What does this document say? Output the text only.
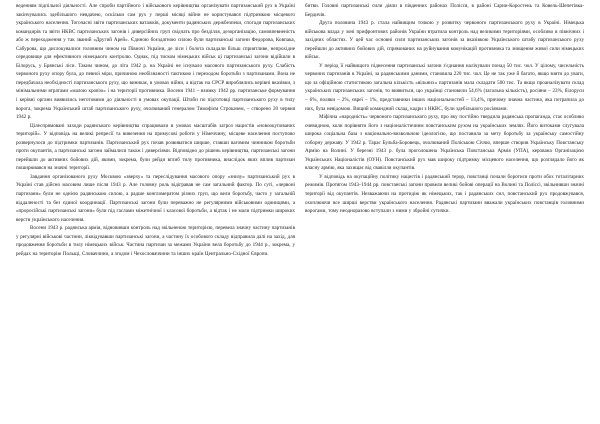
веденням підпільної діяльності. Але спроби партійного і військового керівництва організувати партизанський рух в Україні закінчувались здебільшого невдачею, оскільки сам рух у перші місяці війни не користувався підтримкою місцевого українського населення. Тогочасні звіти партизанських ватажків, документи радянських держбезпеки, спогади партизанських командирів та звіти НКВС партизанських загонів і диверсійних груп свідчать про безділля, дезорганізацію, самовпевненість або ж переходження у так званий «Другий Арей». Єдиною боєздатною силою були партизанські загони Федорова, Ковпака, Сабурова, що дислокувалися головним чином на Півночі України, де ліси і болота складали більш сприятливе, непрохідне середовище для ефективного німецького контролю. Однак, під тиском німецьких військ ці партизанські загони відійшли в Білорусь, у Брянські ліси. Таким чином, до літа 1942 р. на Україні не існувало масового партизанського руху. Слабість червоного руху опору була, до певної міри, причиною необізнаності тактикою і переходом боротьби з партизанами. Вона не передбачала необхідності партизанського руху, що виникає, в умовах війни, а відтак на СРСР вироблялись керівні вказівки, з мінімальними втратами «малою кров'ю» і на території противника. Восени 1941 – взимку 1942 рр. партизанське формування і керівні органи виявились неготовими до діяльності в умовах окупації. Штаби по підготовці партизанського руху в тилу ворога, зокрема Український штаб партизанського руху, очолюваний генералом Тимофієм Строкачем, – створено 20 червня 1942 р.

Цілеспрямовані заходи радянського керівництва спрацювали в умовах масштабів загроз нацистів «новоокупованих територій». У відповідь на великі репресії та вивезення на примусові роботи у Німеччину, місцеве населення поступово розвернулося до підтримки партизанів. Партизанський рух почав розвиватися ширше, ставши вагомим чинником боротьби проти окупантів, а партизанські загони займалися також і диверсіями. Відповідно до рішень керівництва, партизанські загони перейшли до активних бойових дій, якими, зокрема, були рейди вглиб тилу противника, внаслідок яких вплив партизан поширювався на значні території.

Завдання організованого руху Москвою «зверху» та переслідування масового опору «знизу» партизанський рух в Україні став дійсно масовим лише після 1943 р. Але головну роль відігравав не сам загальний фактор. По суті, «червоні партизани» були не однією радянською силою, а радше конгломератом різних груп, що вели боротьбу, часто у загальній віддаленості та без єдиної координації. Партизанські загони були переважно не регулярними військовими одиницями, а «проросійські партизанські загони» були під гаслами міжетнічної і класової боротьби, а відтак і не мали підтримки широких верств українського населення.

Восени 1943 р. радянська армія, відновивши контроль над звільненою територією, перевела значну частину партизанів у регулярні військові частини, ліквідувавши партизанські загони, а частину їх особового складу відправила далі на захід, для продовження боротьби в тилу німецьких військ. Частина партизан за межами України вела боротьбу до 1944 р., зокрема, у рейдах на територію Польщі, Словаччини, а згодом і Чехословаччини та інших країн Центрально-Східної Європи.

битви. Головні партизанські сили діяли в південних районах Полісся, в районі Сарни-Коростень та Ковель-Шепетівка-Бердичів.

Друга половина 1943 р. стала найвищим точкою у розвитку червоного партизанського руху в Україні. Німецька військова влада у зоні прифронтових районів України втратила контроль над великими територіями, особливо в північних і західних областях. У цей час основні сили партизанських загонів за вказівкою Українського штабу партизанського руху перейшли до активних бойових дій, спрямованих на руйнування комунікацій противника та знищення живої сили німецьких військ.

У період її найвищого піднесення партизанські загони з'єднання налічували понад 50 тис. чол. У цілому, чисельність червоних партизанів в Україні, за радянськими даними, становила 220 тис. чол. Це не так уже й багато, якщо взяти до уваги, що за офіційною статистикою загальна кількість «вільних» партизанів мала складати 500 тис. Та якщо проаналізувати склад українських партизанських загонів, то виявиться, що українці становили 54,6% (загальна кількість), росіяни – 23%, білоруси – 6%, поляки – 2%, євреї – 1%, представники інших національностей – 13,4%, причому значна частина, яка потрапила до них, була невідомою. Вищий командний склад, кадри з НКВС, були здебільшого росіянами.

Міфічна «народність» червоного партизанського руху, про яку постійно твердила радянська пропаганда, стає особливо очевидною, коли порівняти його з націоналістичним повстанським рухом на українських землях. Його витоками слугувала широка соціальна база з національно-визвольною ідеологією, що поставила за мету боротьбу за українську самостійну соборну державу. У 1942 р. Тарас Бульба-Боровець, очолюваний Поліською Січчю, вперше створив Українську Повстанську Армію на Волині. У березні 1943 р. була проголошена Українська Повстанська Армія (УПА), керована Організацією Українських Націоналістів (ОУН). Повстанський рух мав широку підтримку місцевого населення, що розглядало його як власну армію, яка захищає від свавілля окупантів.

У відповідь на окупаційну політику нацистів і радянський терор, повстанці почали боротися проти обох тоталітарних режимів. Протягом 1943–1944 рр. повстанські загони провели великі бойові операції на Волині та Поліссі, звільнивши значні території від окупантів. Незважаючи на протидію як німецьких, так і радянських сил, повстанський рух продовжувався, охоплюючи все ширші верстви українського населення. Радянські партизани вважали українських повстанців головними ворогами, тому неодноразово вступали з ними у збройні сутички.
